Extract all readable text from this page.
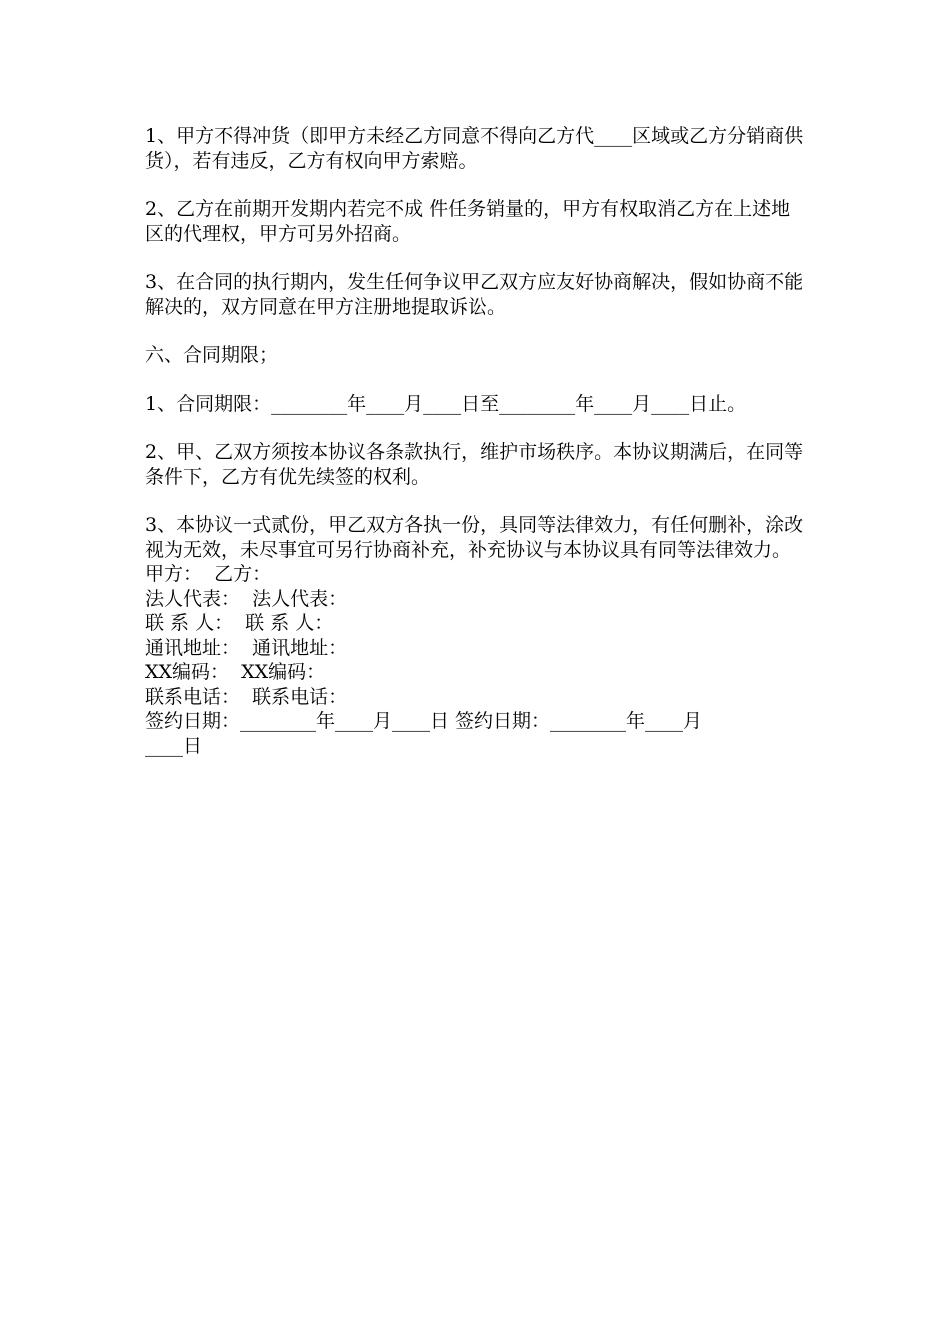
1、甲方不得冲货（即甲方未经乙方同意不得向乙方代____区域或乙方分销商供货），若有违反，乙方有权向甲方索赔。

2、乙方在前期开发期内若完不成 件任务销量的，甲方有权取消乙方在上述地区的代理权，甲方可另外招商。

3、在合同的执行期内，发生任何争议甲乙双方应友好协商解决，假如协商不能解决的，双方同意在甲方注册地提取诉讼。

六、合同期限；

1、合同期限：________年____月____日至________年____月____日止。

2、甲、乙双方须按本协议各条款执行，维护市场秩序。本协议期满后，在同等条件下，乙方有优先续签的权利。

3、本协议一式贰份，甲乙双方各执一份，具同等法律效力，有任何删补，涂改视为无效，未尽事宜可另行协商补充，补充协议与本协议具有同等法律效力。

甲方：  乙方：

法人代表：  法人代表：

联 系 人：  联 系 人：

通讯地址：  通讯地址：

XX编码：  XX编码：

联系电话：  联系电话：

签约日期：________年____月____日 签约日期：________年____月

____日
